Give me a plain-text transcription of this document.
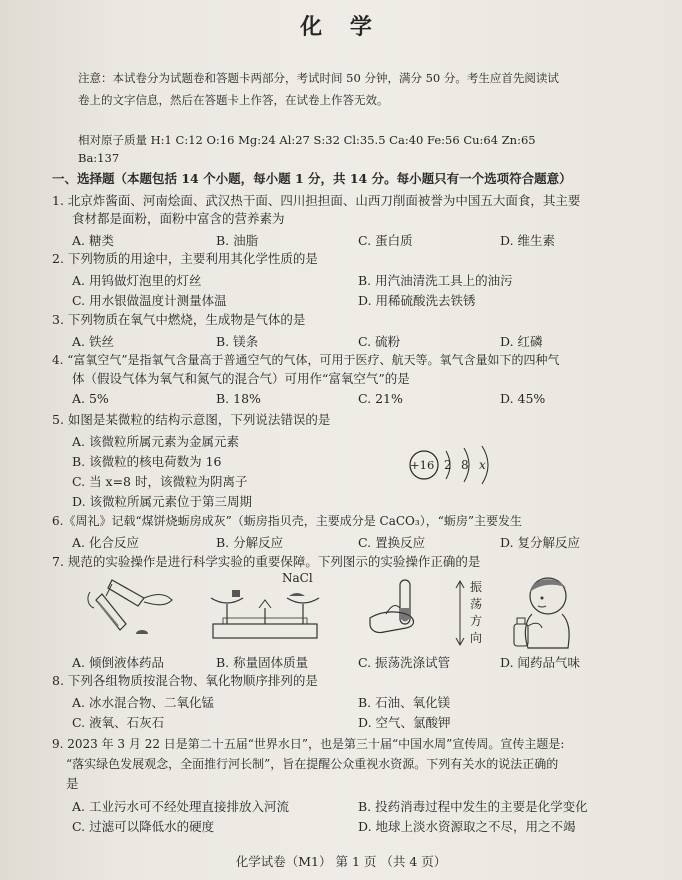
化 学
注意：本试卷分为试题卷和答题卡两部分，考试时间 50 分钟，满分 50 分。考生应首先阅读试
卷上的文字信息，然后在答题卡上作答，在试卷上作答无效。
相对原子质量 H:1 C:12 O:16 Mg:24 Al:27 S:32 Cl:35.5 Ca:40 Fe:56 Cu:64 Zn:65
Ba:137
一、选择题（本题包括 14 个小题，每小题 1 分，共 14 分。每小题只有一个选项符合题意）
1. 北京炸酱面、河南烩面、武汉热干面、四川担担面、山西刀削面被誉为中国五大面食，其主要
食材都是面粉，面粉中富含的营养素为
A. 糖类	B. 油脂	C. 蛋白质	D. 维生素
2. 下列物质的用途中，主要利用其化学性质的是
A. 用钨做灯泡里的灯丝	B. 用汽油清洗工具上的油污
C. 用水银做温度计测量体温	D. 用稀硫酸洗去铁锈
3. 下列物质在氧气中燃烧，生成物是气体的是
A. 铁丝	B. 镁条	C. 硫粉	D. 红磷
4. “富氧空气”是指氧气含量高于普通空气的气体，可用于医疗、航天等。氧气含量如下的四种气
体（假设气体为氧气和氮气的混合气）可用作“富氧空气”的是
A. 5%	B. 18%	C. 21%	D. 45%
5. 如图是某微粒的结构示意图，下列说法错误的是
A. 该微粒所属元素为金属元素
B. 该微粒的核电荷数为 16
C. 当 x=8 时，该微粒为阴离子
D. 该微粒所属元素位于第三周期
+16 2 8 x
6.《周礼》记载“煤饼烧蛎房成灰”（蛎房指贝壳，主要成分是 CaCO₃），“蛎房”主要发生
A. 化合反应	B. 分解反应	C. 置换反应	D. 复分解反应
7. 规范的实验操作是进行科学实验的重要保障。下列图示的实验操作正确的是
NaCl
振
荡
方
向
A. 倾倒液体药品	B. 称量固体质量	C. 振荡洗涤试管	D. 闻药品气味
8. 下列各组物质按混合物、氧化物顺序排列的是
A. 冰水混合物、二氧化锰	B. 石油、氧化镁
C. 液氧、石灰石	D. 空气、氯酸钾
9. 2023 年 3 月 22 日是第二十五届“世界水日”，也是第三十届“中国水周”宣传周。宣传主题是:
“落实绿色发展观念，全面推行河长制”，旨在提醒公众重视水资源。下列有关水的说法正确的
是
A. 工业污水可不经处理直接排放入河流	B. 投药消毒过程中发生的主要是化学变化
C. 过滤可以降低水的硬度	D. 地球上淡水资源取之不尽，用之不竭
化学试卷（M1） 第 1 页 （共 4 页）
